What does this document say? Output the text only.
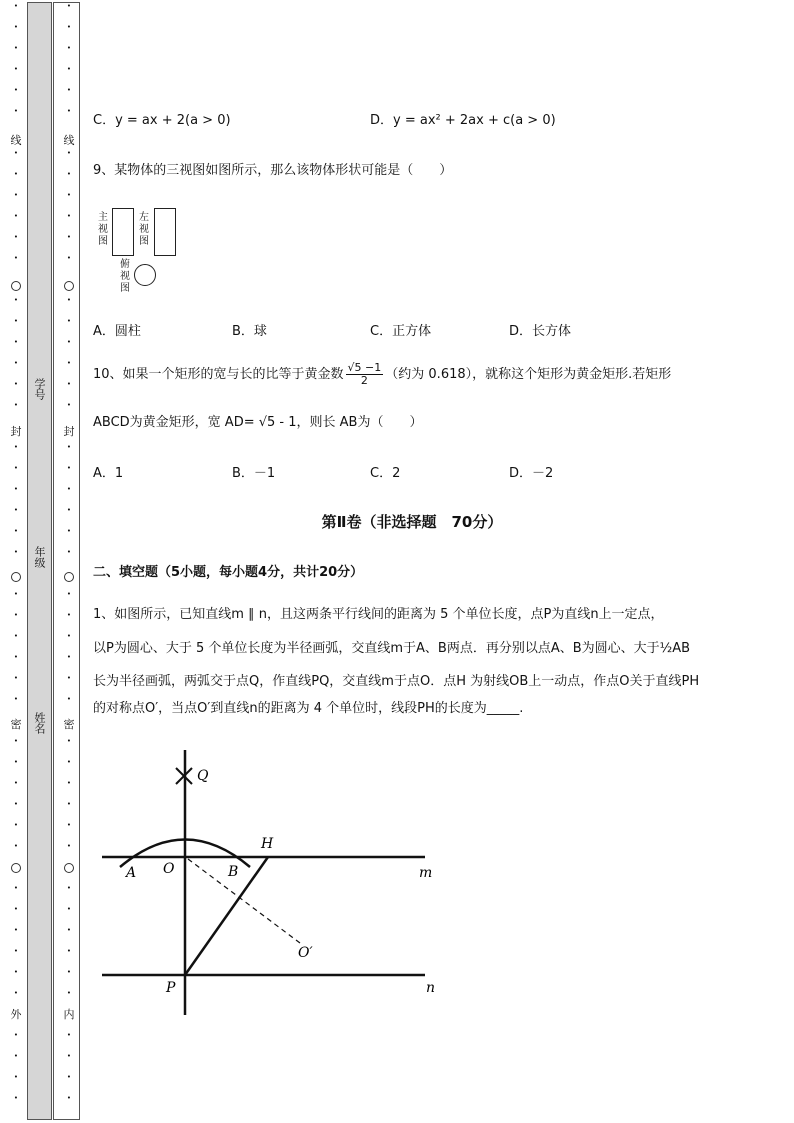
•
•
•
•
•
•
•
•
•
•
•
•
•
•
•
•
•
•
•
•
•
•
•
•
•
•
•
•
•
•
•
•
•
•
•
•
•
•
•
•
•
•
•
•
•
•
•
•
•
•
•
•
•
•
•
•
•
•
•
•
•
•
•
•
•
•
•
•
•
•
•
•
•
•
•
•
•
•
•
•
•
•
•
•
•
•
•
•
•
•
•
•
线
封
密
外
线
封
密
内
学号
年级
姓名
C．y = ax + 2(a > 0)	D．y = ax² + 2ax + c(a > 0)
9、某物体的三视图如图所示，那么该物体形状可能是（　　）
主视图
左视图
俯视图
A．圆柱	B．球	C．正方体	D．长方体
10、如果一个矩形的宽与长的比等于黄金数 $\frac{√5 -1}{2}$ （约为 0.618），就称这个矩形为黄金矩形.若矩形
ABCD为黄金矩形，宽 AD= √5 - 1，则长 AB为（　　）
A．1	B．－1	C．2	D．－2
第Ⅱ卷（非选择题　70分）
二、填空题（5小题，每小题4分，共计20分）
1、如图所示，已知直线m ∥ n，且这两条平行线间的距离为 5 个单位长度，点P为直线n上一定点，
以P为圆心、大于 5 个单位长度为半径画弧，交直线m于A、B两点．再分别以点A、B为圆心、大于½AB
长为半径画弧，两弧交于点Q，作直线PQ，交直线m于点O．点H 为射线OB上一动点，作点O关于直线PH
的对称点O′，当点O′到直线n的距离为 4 个单位时，线段PH的长度为_____.
Q
H
A O	B	m
O′
P	n
